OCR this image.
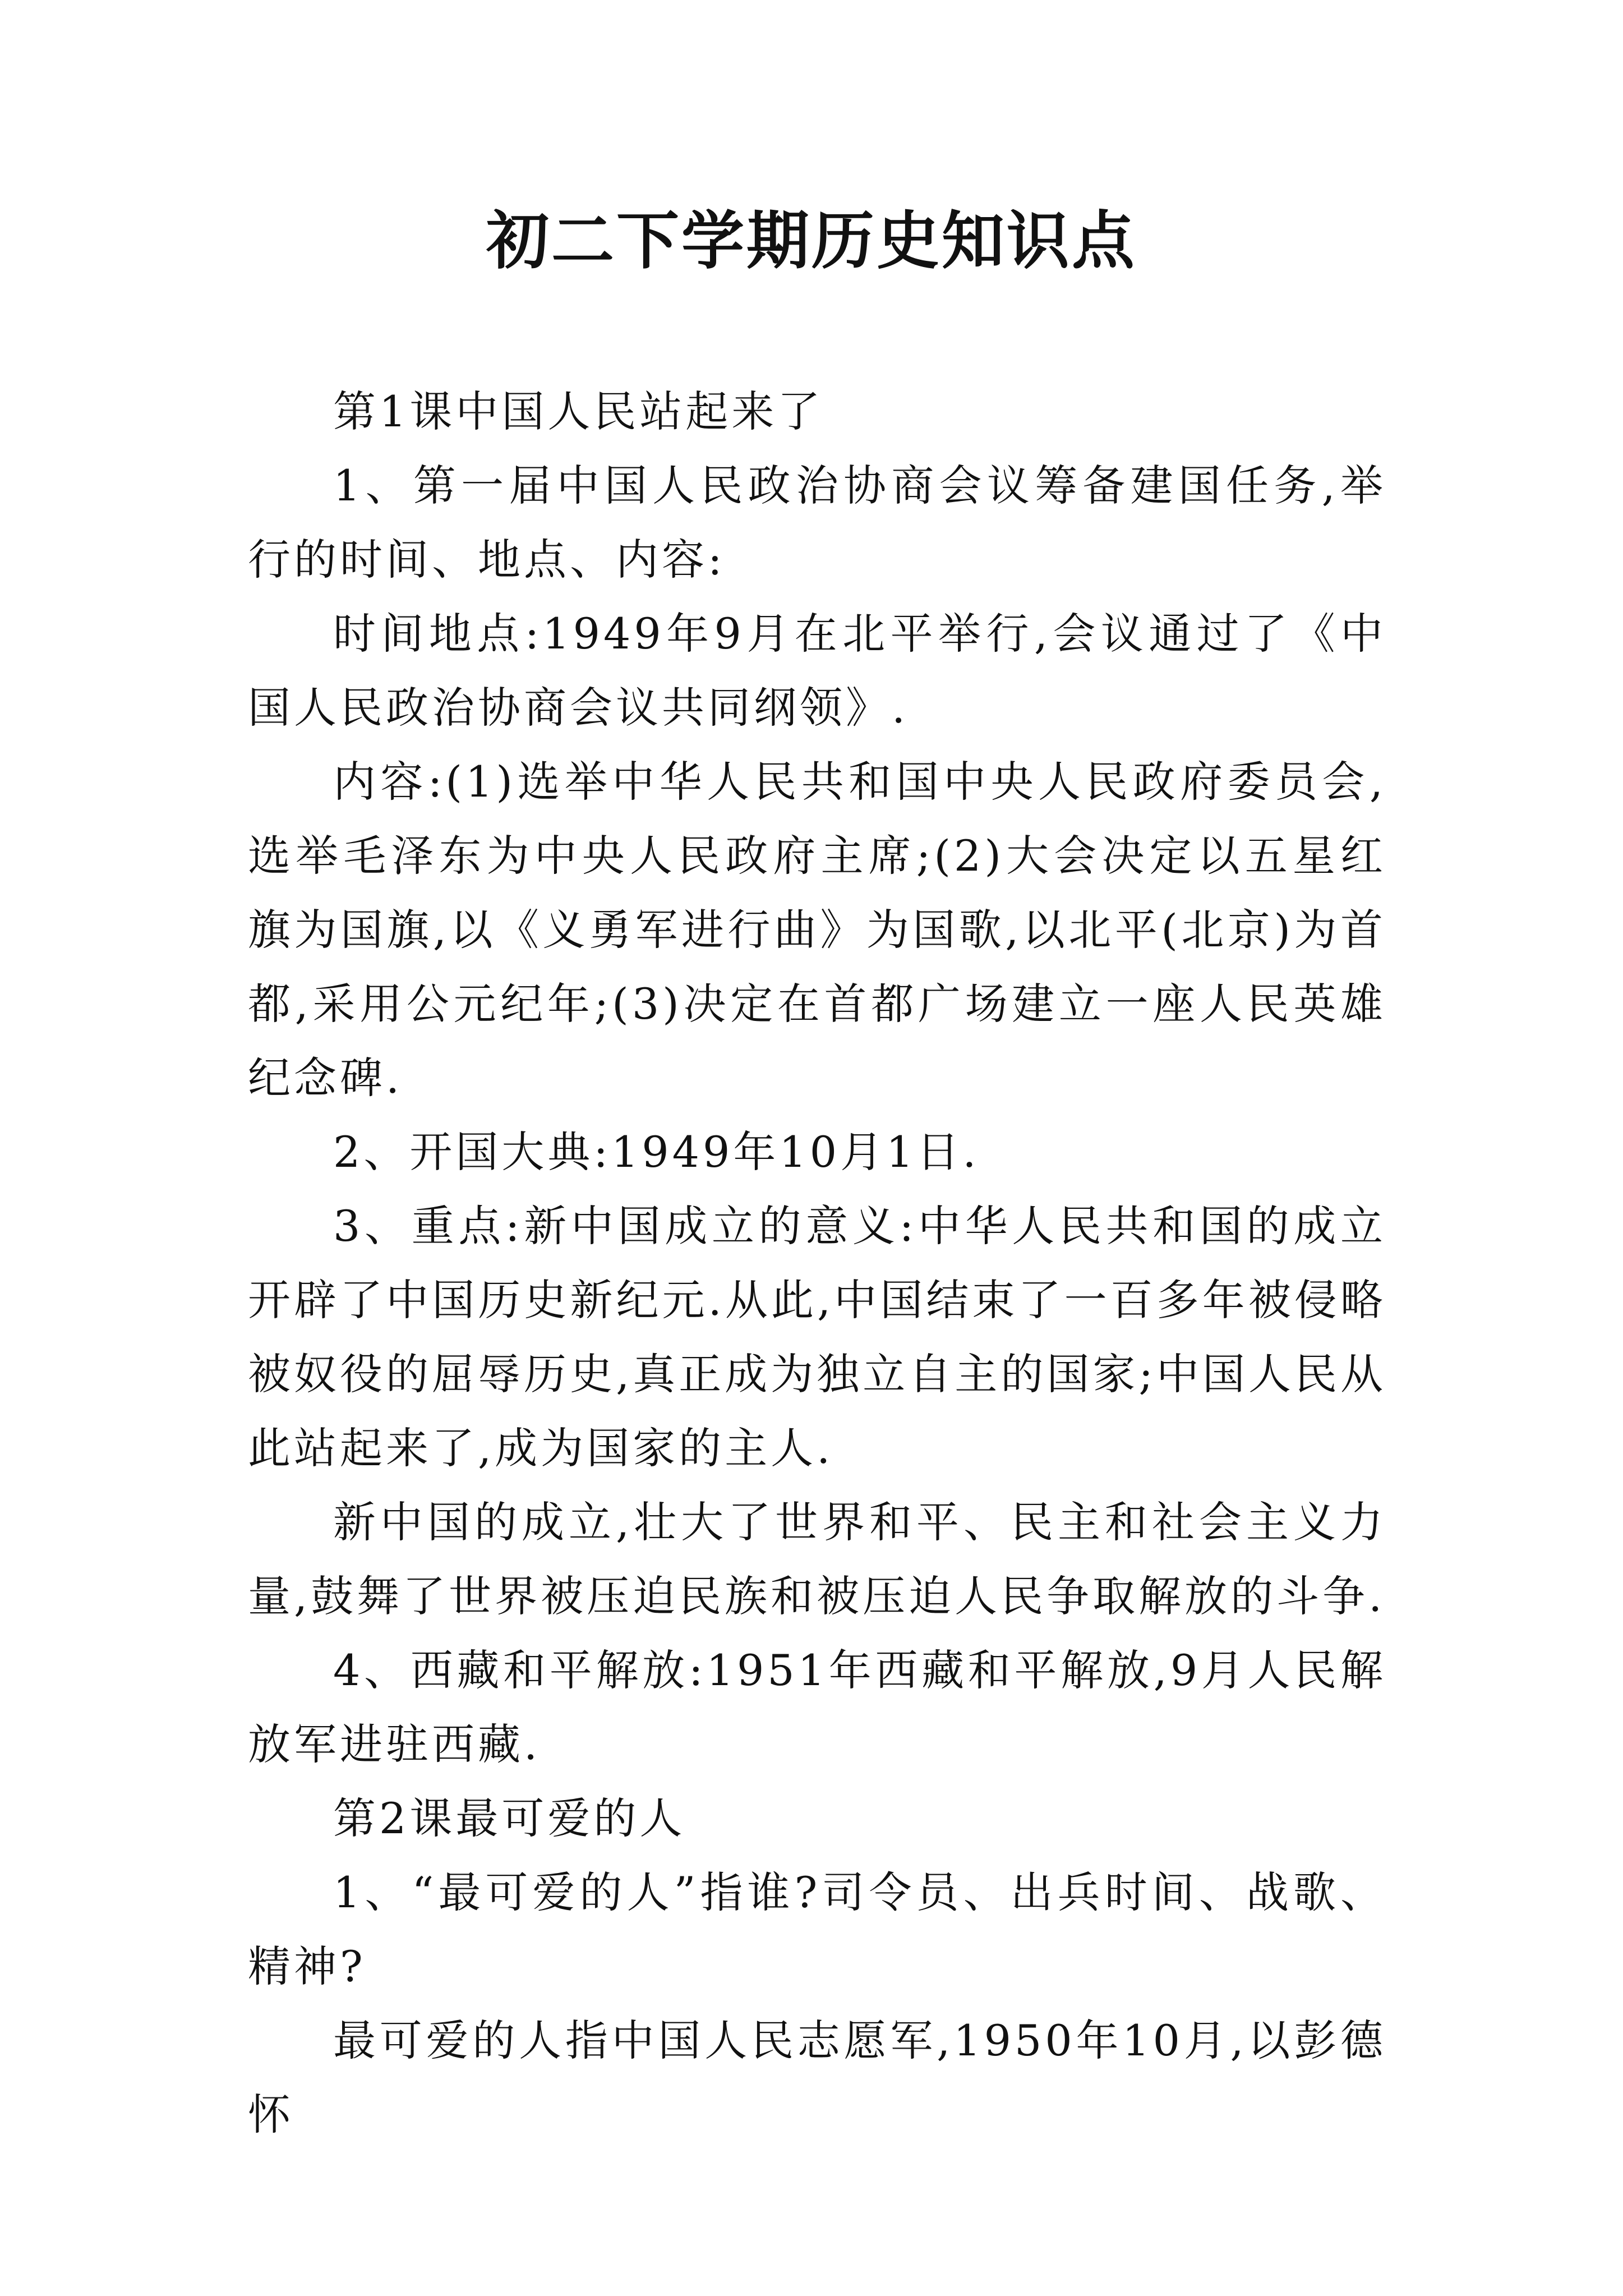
初二下学期历史知识点

第1课中国人民站起来了

1、第一届中国人民政治协商会议筹备建国任务,举行的时间、地点、内容:

时间地点:1949年9月在北平举行,会议通过了《中国人民政治协商会议共同纲领》.

内容:(1)选举中华人民共和国中央人民政府委员会,选举毛泽东为中央人民政府主席;(2)大会决定以五星红旗为国旗,以《义勇军进行曲》为国歌,以北平(北京)为首都,采用公元纪年;(3)决定在首都广场建立一座人民英雄纪念碑.

2、开国大典:1949年10月1日.

3、重点:新中国成立的意义:中华人民共和国的成立开辟了中国历史新纪元.从此,中国结束了一百多年被侵略被奴役的屈辱历史,真正成为独立自主的国家;中国人民从此站起来了,成为国家的主人.

新中国的成立,壮大了世界和平、民主和社会主义力量,鼓舞了世界被压迫民族和被压迫人民争取解放的斗争.

4、西藏和平解放:1951年西藏和平解放,9月人民解放军进驻西藏.

第2课最可爱的人

1、“最可爱的人”指谁?司令员、出兵时间、战歌、精神?

最可爱的人指中国人民志愿军,1950年10月,以彭德怀
